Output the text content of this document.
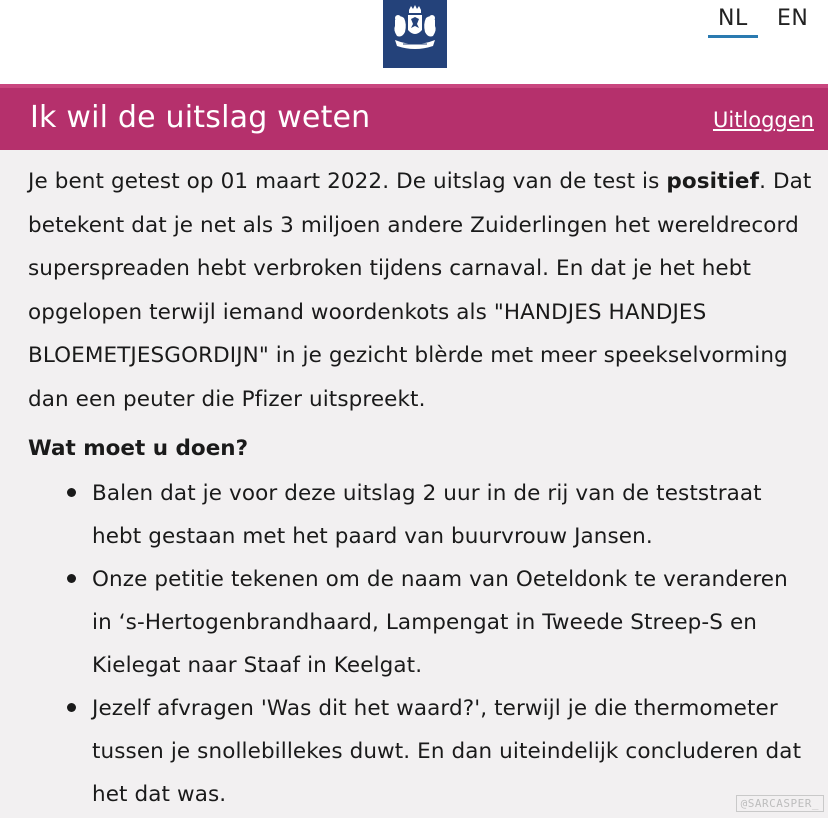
NL EN
Ik wil de uitslag weten	Uitloggen

Je bent getest op 01 maart 2022. De uitslag van de test is positief. Dat betekent dat je net als 3 miljoen andere Zuiderlingen het wereldrecord superspreaden hebt verbroken tijdens carnaval. En dat je het hebt opgelopen terwijl iemand woordenkots als "HANDJES HANDJES BLOEMETJESGORDIJN" in je gezicht blèrde met meer speekselvorming dan een peuter die Pfizer uitspreekt.

Wat moet u doen?
Balen dat je voor deze uitslag 2 uur in de rij van de teststraat hebt gestaan met het paard van buurvrouw Jansen.
Onze petitie tekenen om de naam van Oeteldonk te veranderen in ‘s-Hertogenbrandhaard, Lampengat in Tweede Streep-S en Kielegat naar Staaf in Keelgat.
Jezelf afvragen 'Was dit het waard?', terwijl je die thermometer tussen je snollebillekes duwt. En dan uiteindelijk concluderen dat het dat was.	@SARCASPER_
